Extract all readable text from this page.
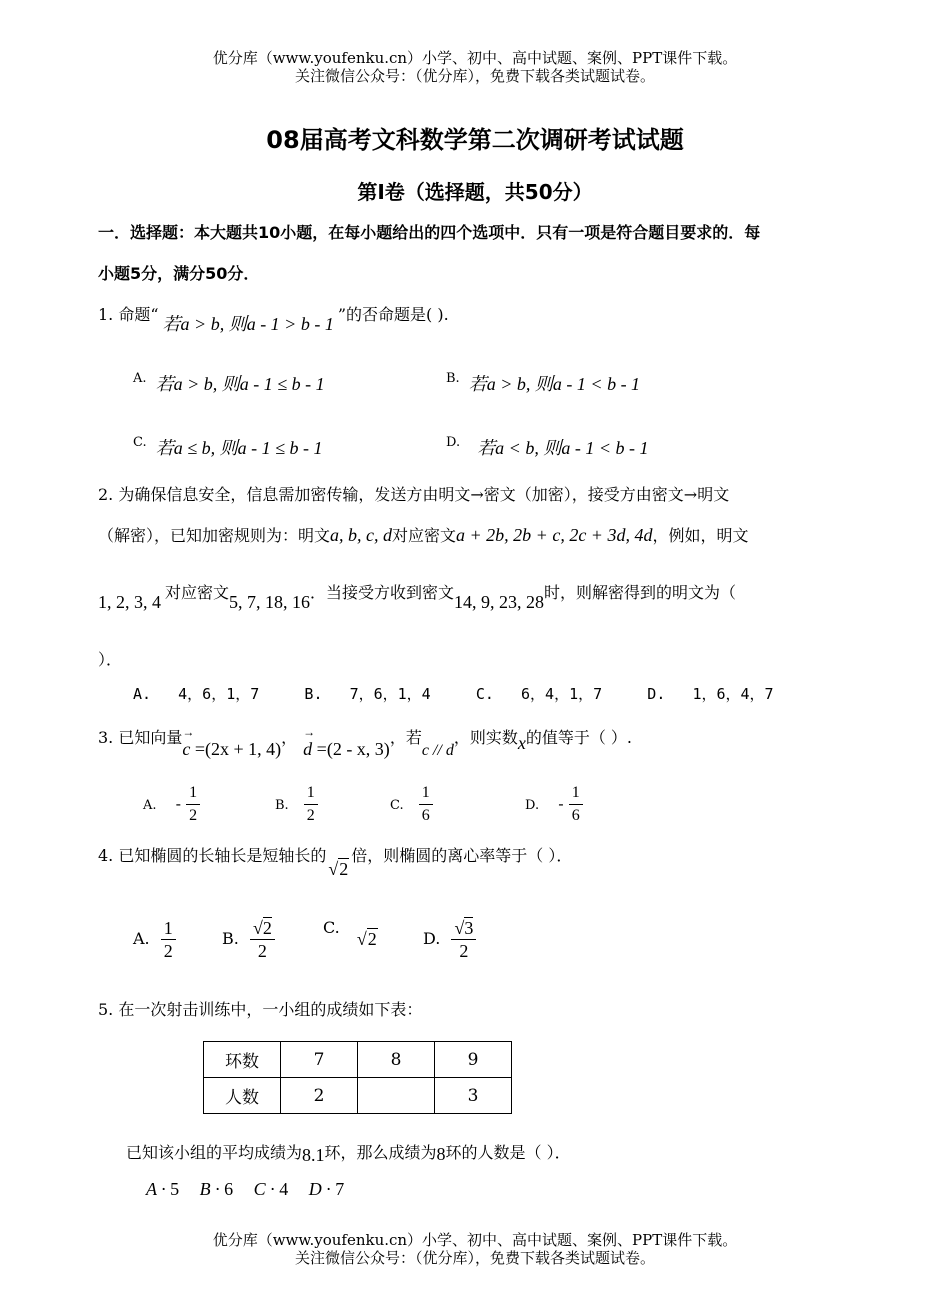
优分库（www.youfenku.cn）小学、初中、高中试题、案例、PPT课件下载。
关注微信公众号：（优分库），免费下载各类试题试卷。
08届高考文科数学第二次调研考试试题
第Ⅰ卷（选择题，共50分）
一．选择题：本大题共10小题，在每小题给出的四个选项中．只有一项是符合题目要求的．每
小题5分，满分50分．
1. 命题“ 若a > b, 则a - 1 > b - 1 ”的否命题是( ).
A. 若a > b, 则a - 1 ≤ b - 1	B. 若a > b, 则a - 1 < b - 1
C. 若a ≤ b, 则a - 1 ≤ b - 1	D. 若a < b, 则a - 1 < b - 1
2. 为确保信息安全，信息需加密传输，发送方由明文→密文（加密），接受方由密文→明文
（解密），已知加密规则为：明文a, b, c, d对应密文a + 2b, 2b + c, 2c + 3d, 4d，例如，明文
1, 2, 3, 4 对应密文5, 7, 18, 16．当接受方收到密文14, 9, 23, 28时，则解密得到的明文为（
）．
A.   4，6，1，7     B.   7，6，1，4     C.   6，4，1，7     D.   1，6，4，7
3. 已知向量 →
c =(2x + 1, 4)， →
d =(2 - x, 3)，若c // d，则实数x的值等于（ ）.
A. - $\frac{1}{2}$	B. $\frac{1}{2}$	C. $\frac{1}{6}$	D. - $\frac{1}{6}$
4. 已知椭圆的长轴长是短轴长的√2倍，则椭圆的离心率等于（ ）．
A. $\frac{1}{2}$	B. $\frac{√2}{2}$	C. √2	D. $\frac{√3}{2}$
5. 在一次射击训练中，一小组的成绩如下表：
环数	7	8	9
人数	2		3
已知该小组的平均成绩为8.1环，那么成绩为8环的人数是（ ）．
A · 5 B · 6 C · 4 D · 7
优分库（www.youfenku.cn）小学、初中、高中试题、案例、PPT课件下载。
关注微信公众号：（优分库），免费下载各类试题试卷。
